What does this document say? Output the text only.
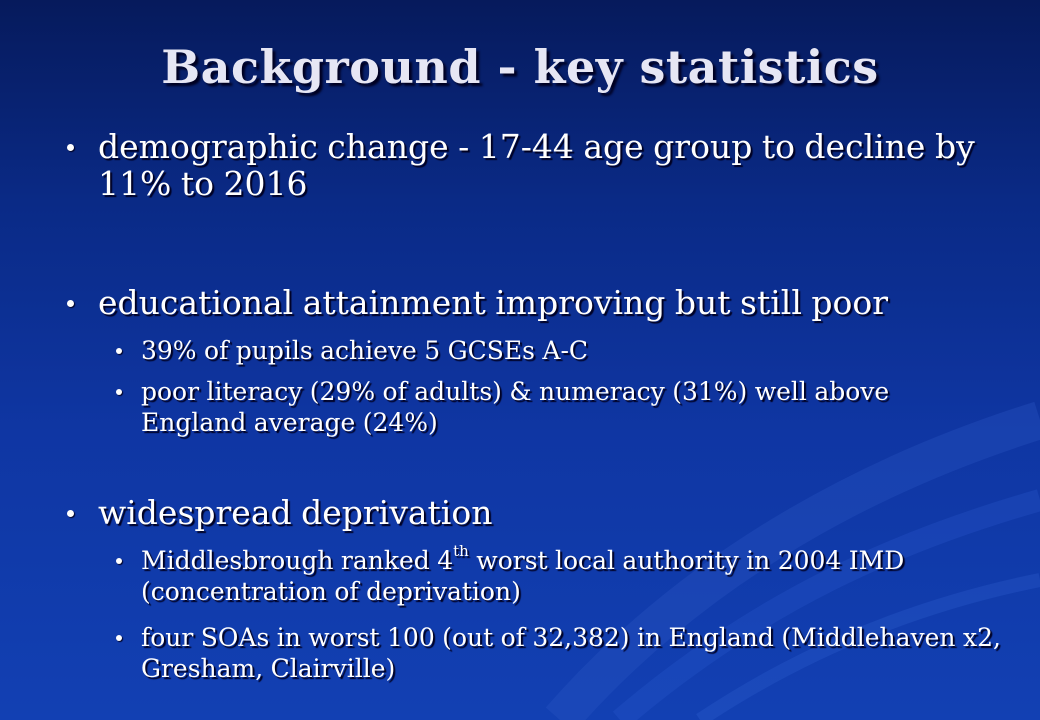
Background - key statistics
demographic change - 17-44 age group to decline by 11% to 2016
educational attainment improving but still poor
39% of pupils achieve 5 GCSEs A-C
poor literacy (29% of adults) & numeracy (31%) well above England average (24%)
widespread deprivation
Middlesbrough ranked 4th worst local authority in 2004 IMD (concentration of deprivation)
four SOAs in worst 100 (out of 32,382) in England (Middlehaven x2, Gresham, Clairville)
